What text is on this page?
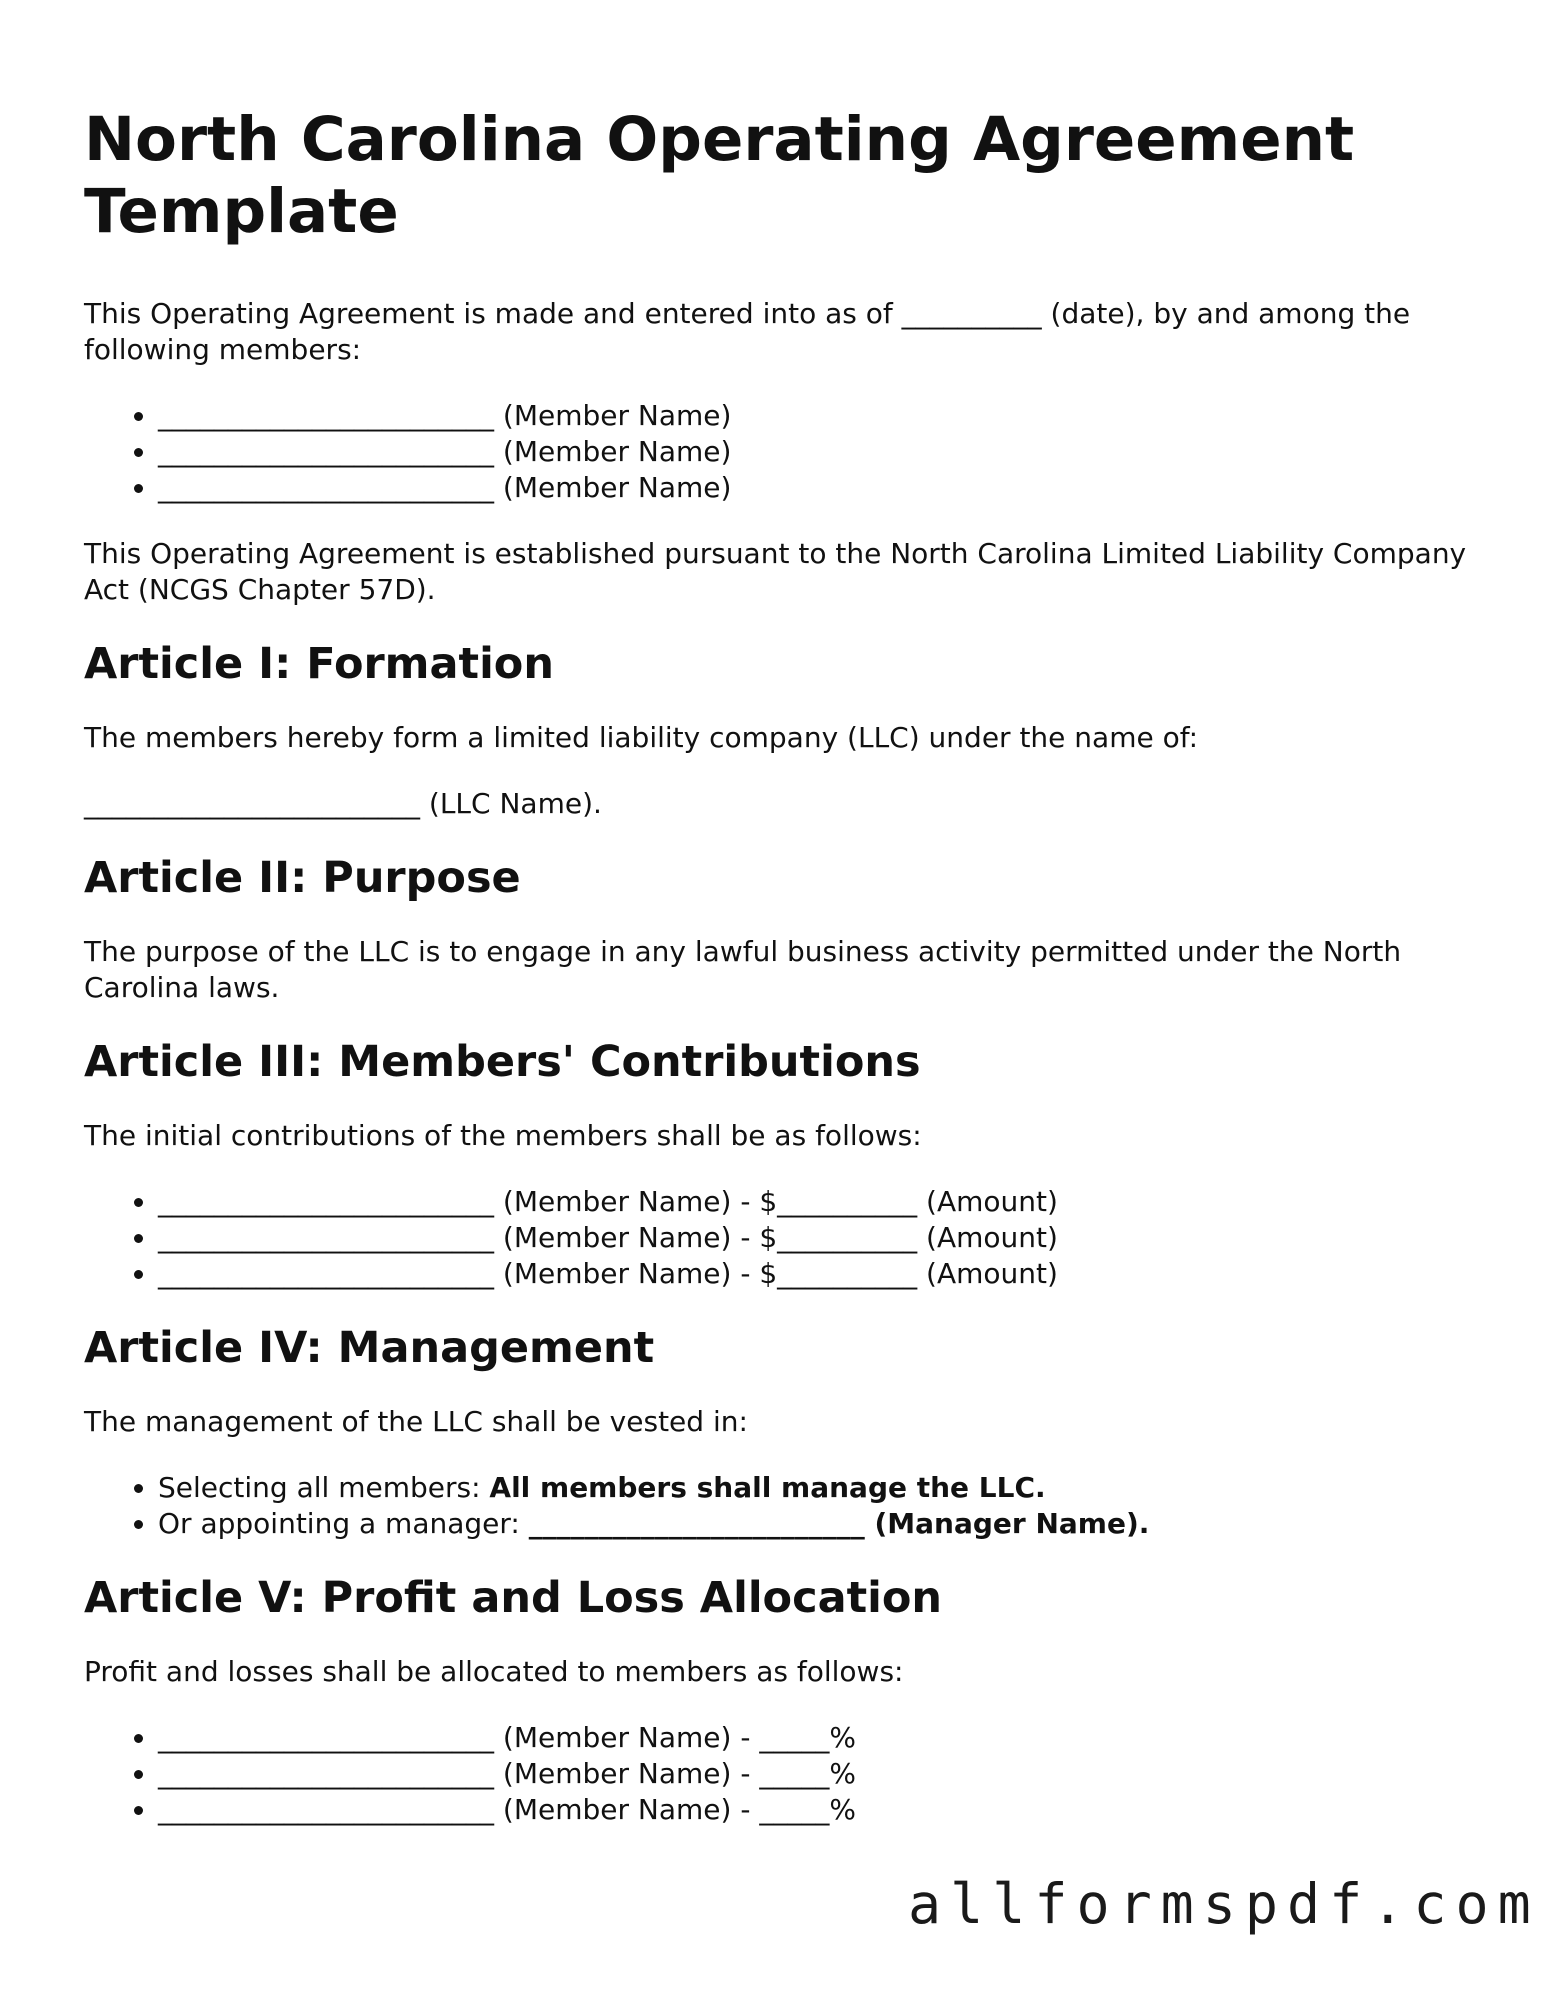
North Carolina Operating Agreement Template

This Operating Agreement is made and entered into as of __________ (date), by and among the following members:

• ________________________ (Member Name)
• ________________________ (Member Name)
• ________________________ (Member Name)

This Operating Agreement is established pursuant to the North Carolina Limited Liability Company Act (NCGS Chapter 57D).

Article I: Formation

The members hereby form a limited liability company (LLC) under the name of:

________________________ (LLC Name).

Article II: Purpose

The purpose of the LLC is to engage in any lawful business activity permitted under the North Carolina laws.

Article III: Members' Contributions

The initial contributions of the members shall be as follows:

• ________________________ (Member Name) - $__________ (Amount)
• ________________________ (Member Name) - $__________ (Amount)
• ________________________ (Member Name) - $__________ (Amount)
Article IV: Management

The management of the LLC shall be vested in:

• Selecting all members: All members shall manage the LLC.
• Or appointing a manager: ________________________ (Manager Name).
Article V: Profit and Loss Allocation

Profit and losses shall be allocated to members as follows:

• ________________________ (Member Name) - _____%
• ________________________ (Member Name) - _____%
• ________________________ (Member Name) - _____%
allformspdf.com
